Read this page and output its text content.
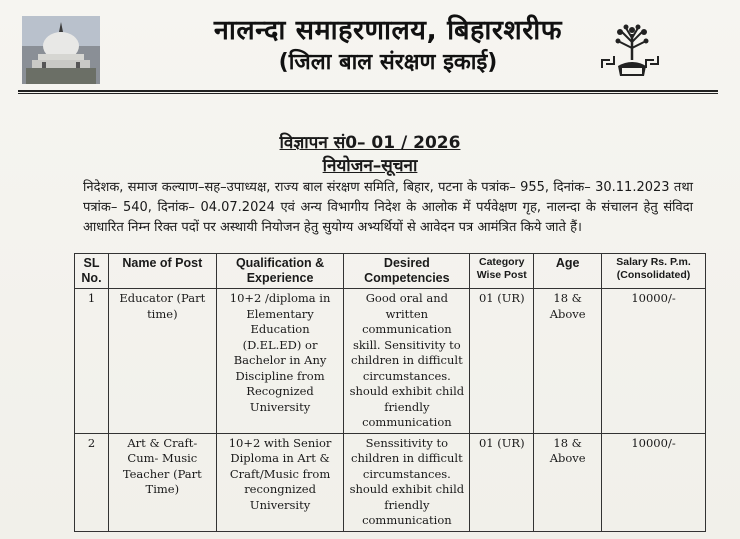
नालन्दा समाहरणालय, बिहारशरीफ
(जिला बाल संरक्षण इकाई)
विज्ञापन सं0– 01 / 2026
नियोजन–सूचना
निदेशक, समाज कल्याण–सह–उपाध्यक्ष, राज्य बाल संरक्षण समिति, बिहार, पटना के पत्रांक– 955, दिनांक– 30.11.2023 तथा पत्रांक– 540, दिनांक– 04.07.2024 एवं अन्य विभागीय निदेश के आलोक में पर्यवेक्षण गृह, नालन्दा के संचालन हेतु संविदा आधारित निम्न रिक्त पदों पर अस्थायी नियोजन हेतु सुयोग्य अभ्यर्थियों से आवेदन पत्र आमंत्रित किये जाते हैं।
SL No.	Name of Post	Qualification & Experience	Desired Competencies	Category Wise Post	Age	Salary Rs. P.m. (Consolidated)
1	Educator (Part time)	10+2 /diploma in Elementary Education (D.EL.ED) or Bachelor in Any Discipline from Recognized University	Good oral and written communication skill. Sensitivity to children in difficult circumstances. should exhibit child friendly communication	01 (UR)	18 & Above	10000/-
2	Art & Craft-Cum- Music Teacher (Part Time)	10+2 with Senior Diploma in Art & Craft/Music from recongnized University	Senssitivity to children in difficult circumstances. should exhibit child friendly communication	01 (UR)	18 & Above	10000/-
